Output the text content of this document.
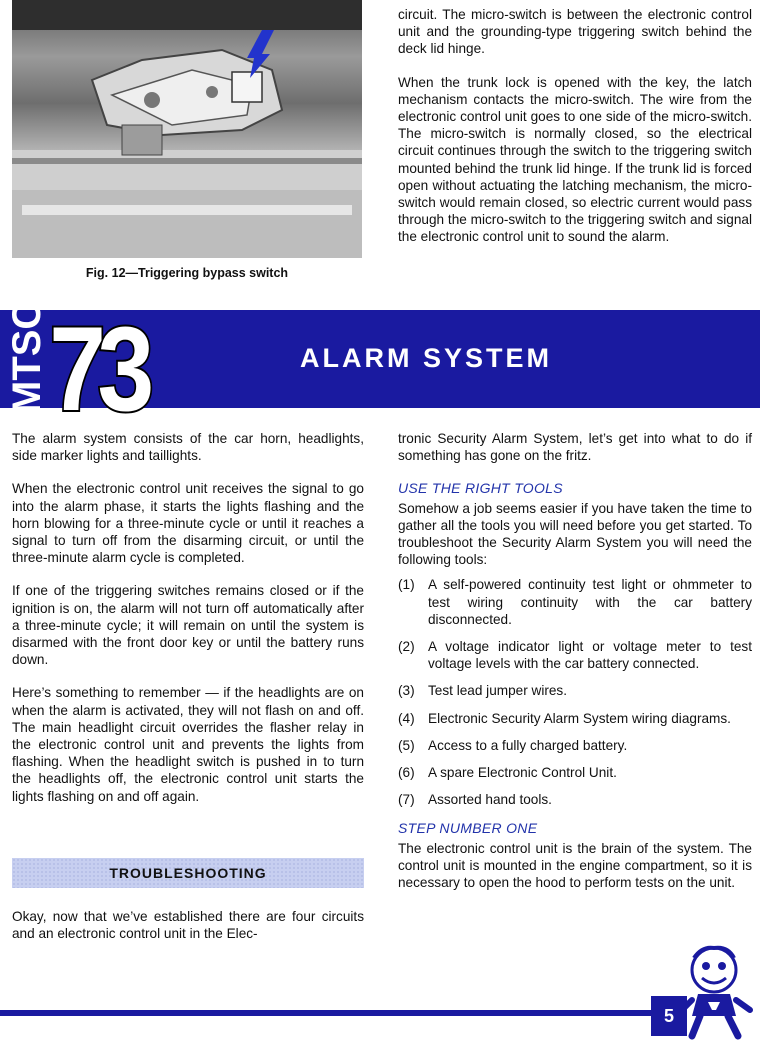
Fig. 12—Triggering bypass switch

circuit. The micro-switch is between the electronic control unit and the grounding-type triggering switch behind the deck lid hinge.

When the trunk lock is opened with the key, the latch mechanism contacts the micro-switch. The wire from the electronic control unit goes to one side of the micro-switch. The micro-switch is normally closed, so the electrical circuit continues through the switch to the triggering switch mounted behind the trunk lid hinge. If the trunk lid is forced open without actuating the latching mechanism, the micro-switch would remain closed, so electric current would pass through the micro-switch to the triggering switch and signal the electronic control unit to sound the alarm.

MTSC 73	ALARM SYSTEM

The alarm system consists of the car horn, headlights, side marker lights and taillights.

When the electronic control unit receives the signal to go into the alarm phase, it starts the lights flashing and the horn blowing for a three-minute cycle or until it reaches a signal to turn off from the disarming circuit, or until the three-minute alarm cycle is completed.

If one of the triggering switches remains closed or if the ignition is on, the alarm will not turn off automatically after a three-minute cycle; it will remain on until the system is disarmed with the front door key or until the battery runs down.

Here’s something to remember — if the headlights are on when the alarm is activated, they will not flash on and off. The main headlight circuit overrides the flasher relay in the electronic control unit and prevents the lights from flashing. When the headlight switch is pushed in to turn the headlights off, the electronic control unit starts the lights flashing on and off again.

TROUBLESHOOTING

Okay, now that we’ve established there are four circuits and an electronic control unit in the Elec-

tronic Security Alarm System, let’s get into what to do if something has gone on the fritz.

USE THE RIGHT TOOLS

Somehow a job seems easier if you have taken the time to gather all the tools you will need before you get started. To troubleshoot the Security Alarm System you will need the following tools:

(1) A self-powered continuity test light or ohmmeter to test wiring continuity with the car battery disconnected.
(2) A voltage indicator light or voltage meter to test voltage levels with the car battery connected.
(3) Test lead jumper wires.
(4) Electronic Security Alarm System wiring diagrams.
(5) Access to a fully charged battery.
(6) A spare Electronic Control Unit.
(7) Assorted hand tools.
STEP NUMBER ONE

The electronic control unit is the brain of the system. The control unit is mounted in the engine compartment, so it is necessary to open the hood to perform tests on the unit.

5
